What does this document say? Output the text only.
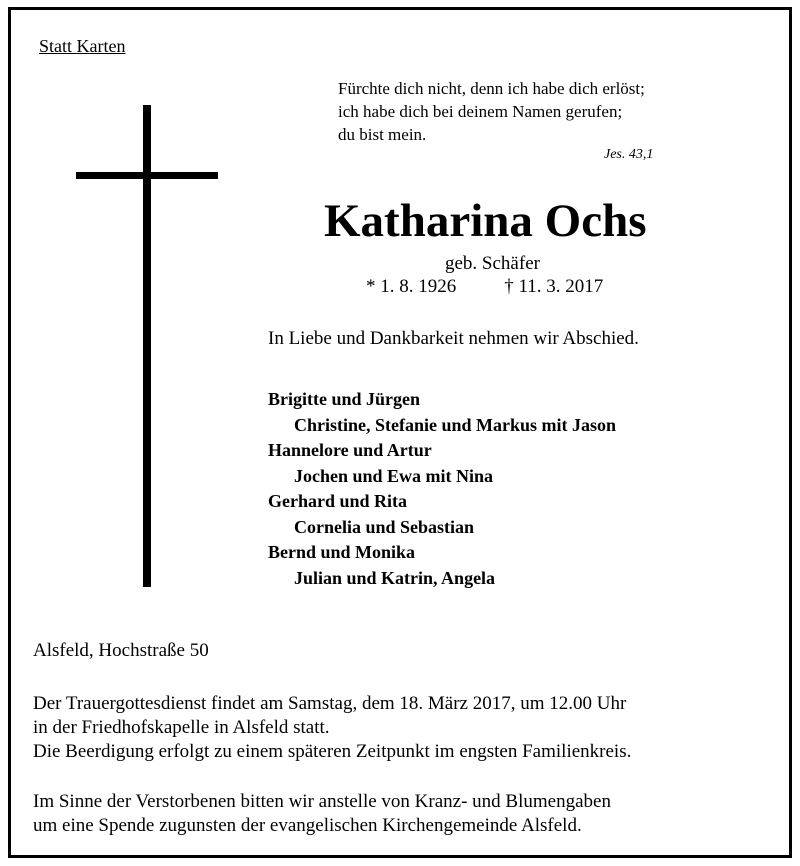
Statt Karten
Fürchte dich nicht, denn ich habe dich erlöst;
ich habe dich bei deinem Namen gerufen;
du bist mein.
Jes. 43,1
Katharina Ochs
geb. Schäfer
* 1. 8. 1926	† 11. 3. 2017
In Liebe und Dankbarkeit nehmen wir Abschied.
Brigitte und Jürgen
Christine, Stefanie und Markus mit Jason
Hannelore und Artur
Jochen und Ewa mit Nina
Gerhard und Rita
Cornelia und Sebastian
Bernd und Monika
Julian und Katrin, Angela
Alsfeld, Hochstraße 50
Der Trauergottesdienst findet am Samstag, dem 18. März 2017, um 12.00 Uhr
in der Friedhofskapelle in Alsfeld statt.
Die Beerdigung erfolgt zu einem späteren Zeitpunkt im engsten Familienkreis.
Im Sinne der Verstorbenen bitten wir anstelle von Kranz- und Blumengaben
um eine Spende zugunsten der evangelischen Kirchengemeinde Alsfeld.
